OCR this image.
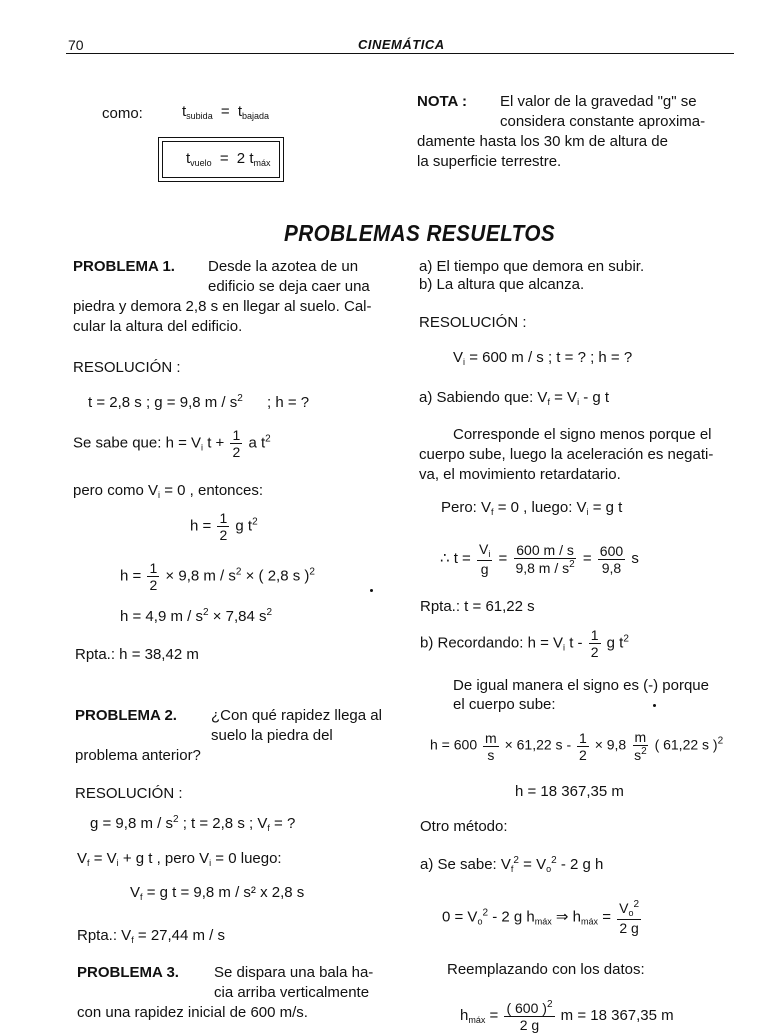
70	CINEMÁTICA
como:	$t_{subida} = t_{bajada}$
$t_{vuelo} = 2$ $t_{máx}$
NOTA : El valor de la gravedad "g" se
considera constante aproxima-
damente hasta los 30 km de altura de
la superficie terrestre.
PROBLEMAS RESUELTOS
PROBLEMA 1. Desde la azotea de un
edificio se deja caer una
piedra y demora 2,8 s en llegar al suelo. Cal-
cular la altura del edificio.
RESOLUCIÓN :
t = 2,8 s ; g = 9,8 m / $s^2$ ; h = ?
Se sabe que: $h = V_i$ $t + \frac{1}{2}$ a $t^2$
pero como $V_i = 0$ , entonces:
$h = \frac{1}{2}$ g $t^2$
$h = \frac{1}{2} \times 9,8$ m / $s^2$ × ( 2,8 s )$^2$
h = 4,9 $m / s^2 \times 7,84$ $s^2$
Rpta.: h = 38,42 m
PROBLEMA 2. ¿Con qué rapidez llega al
suelo la piedra del
problema anterior?
RESOLUCIÓN :
g = 9,8 m / $s^2$ ; t = 2,8 s ; $V_f$ = ?
$V_f = V_i + g$ t , pero $V_i = 0$ luego:
$V_f = g$ t = 9,8 m / s² x 2,8 s
Rpta.: $V_f = 27,44$ m / s
PROBLEMA 3. Se dispara una bala ha-
cia arriba verticalmente
con una rapidez inicial de 600 m/s.
a) El tiempo que demora en subir.
b) La altura que alcanza.
RESOLUCIÓN :
$V_i = 600$ m / s ; t = ? ; h = ?
a) Sabiendo que: $V_f = V_i - g$ t
Corresponde el signo menos porque el
cuerpo sube, luego la aceleración es negati-
va, el movimiento retardatario.
Pero: $V_f = 0$ , luego: $V_i = g$ t
∴ $t = \frac{V_i}{g} = \frac{600 m / s}{9,8 m / s^2} = \frac{600}{9,8}$ s
Rpta.: t = 61,22 s
b) Recordando: $h = V_i$ t - $\frac{1}{2}$ g $t^2$
De igual manera el signo es (-) porque
el cuerpo sube:
$h = 600 \frac{m}{s} \times 61,22$ $s - \frac{1}{2} \times 9,8 \frac{m}{s^2}$ ( 61,22 s )$^2$
h = 18 367,35 m
Otro método:
a) Se sabe: $V_f^2 = V_o^2 - 2$ g h
$0 = V_o^2 - 2$ g $h_{máx}$ ⇒ $h_{máx} = \frac{V_o^2}{2 g}$
Reemplazando con los datos:
$h_{máx} = \frac{( 600 )^2}{2 g}$ m = 18 367,35 m
